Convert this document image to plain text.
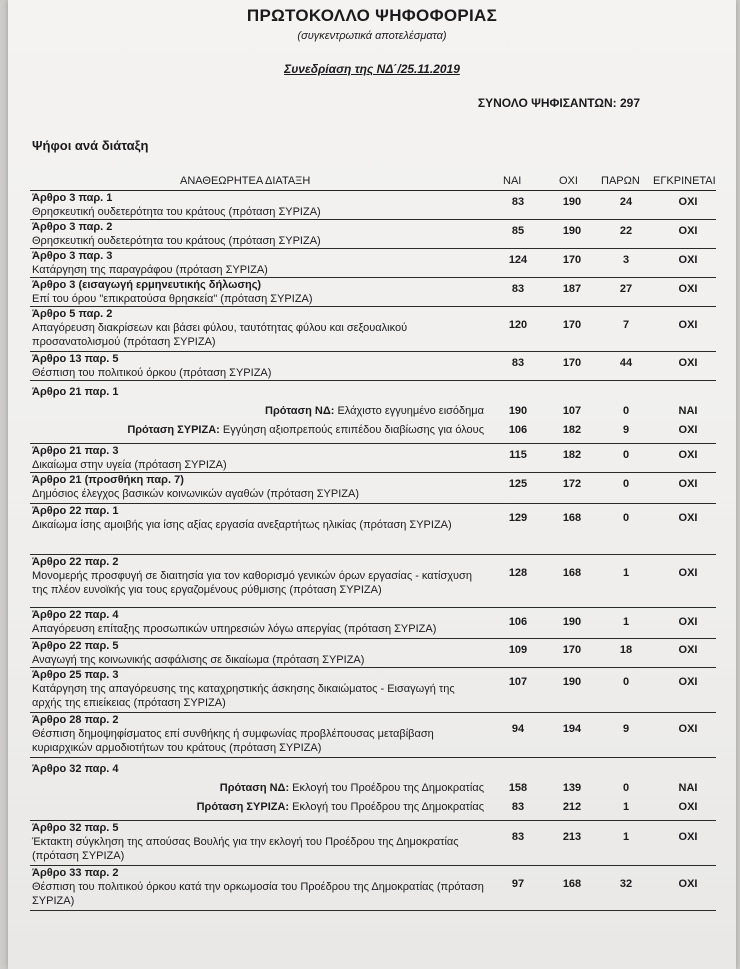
ΠΡΩΤΟΚΟΛΛΟ ΨΗΦΟΦΟΡΙΑΣ
(συγκεντρωτικά αποτελέσματα)
Συνεδρίαση της ΝΔ΄/25.11.2019
ΣΥΝΟΛΟ ΨΗΦΙΣΑΝΤΩΝ: 297
Ψήφοι ανά διάταξη
ΑΝΑΘΕΩΡΗΤΕΑ ΔΙΑΤΑΞΗ	ΝΑΙ	ΟΧΙ ΠΑΡΩΝ ΕΓΚΡΙΝΕΤΑΙ
Άρθρο 3 παρ. 1
Θρησκευτική ουδετερότητα του κράτους (πρόταση ΣΥΡΙΖΑ)
83	190	24	ΟΧΙ
Άρθρο 3 παρ. 2
Θρησκευτική ουδετερότητα του κράτους (πρόταση ΣΥΡΙΖΑ)
85	190	22	ΟΧΙ
Άρθρο 3 παρ. 3
Κατάργηση της παραγράφου (πρόταση ΣΥΡΙΖΑ)
124	170	3	ΟΧΙ
Άρθρο 3 (εισαγωγή ερμηνευτικής δήλωσης)
Επί του όρου "επικρατούσα θρησκεία" (πρόταση ΣΥΡΙΖΑ)
83	187	27	ΟΧΙ
Άρθρο 5 παρ. 2
Απαγόρευση διακρίσεων και βάσει φύλου, ταυτότητας φύλου και σεξουαλικού προσανατολισμού (πρόταση ΣΥΡΙΖΑ)
120	170	7	ΟΧΙ
Άρθρο 13 παρ. 5
Θέσπιση του πολιτικού όρκου (πρόταση ΣΥΡΙΖΑ)
83	170	44	ΟΧΙ
Άρθρο 21 παρ. 1
Πρόταση ΝΔ: Ελάχιστο εγγυημένο εισόδημα	190	107	0	ΝΑΙ
Πρόταση ΣΥΡΙΖΑ: Εγγύηση αξιοπρεπούς επιπέδου διαβίωσης για όλους	106	182	9	ΟΧΙ
Άρθρο 21 παρ. 3
Δικαίωμα στην υγεία (πρόταση ΣΥΡΙΖΑ)
115	182	0	ΟΧΙ
Άρθρο 21 (προσθήκη παρ. 7)
Δημόσιος έλεγχος βασικών κοινωνικών αγαθών (πρόταση ΣΥΡΙΖΑ)
125	172	0	ΟΧΙ
Άρθρο 22 παρ. 1
Δικαίωμα ίσης αμοιβής για ίσης αξίας εργασία ανεξαρτήτως ηλικίας (πρόταση ΣΥΡΙΖΑ)
129	168	0	ΟΧΙ
Άρθρο 22 παρ. 2
Μονομερής προσφυγή σε διαιτησία για τον καθορισμό γενικών όρων εργασίας - κατίσχυση της πλέον ευνοϊκής για τους εργαζομένους ρύθμισης (πρόταση ΣΥΡΙΖΑ)
128	168	1	ΟΧΙ
Άρθρο 22 παρ. 4
Απαγόρευση επίταξης προσωπικών υπηρεσιών λόγω απεργίας (πρόταση ΣΥΡΙΖΑ)
106	190	1	ΟΧΙ
Άρθρο 22 παρ. 5
Αναγωγή της κοινωνικής ασφάλισης σε δικαίωμα (πρόταση ΣΥΡΙΖΑ)
109	170	18	ΟΧΙ
Άρθρο 25 παρ. 3
Κατάργηση της απαγόρευσης της καταχρηστικής άσκησης δικαιώματος - Εισαγωγή της αρχής της επιείκειας (πρόταση ΣΥΡΙΖΑ)
107	190	0	ΟΧΙ
Άρθρο 28 παρ. 2
Θέσπιση δημοψηφίσματος επί συνθήκης ή συμφωνίας προβλέπουσας μεταβίβαση κυριαρχικών αρμοδιοτήτων του κράτους (πρόταση ΣΥΡΙΖΑ)
94	194	9	ΟΧΙ
Άρθρο 32 παρ. 4
Πρόταση ΝΔ: Εκλογή του Προέδρου της Δημοκρατίας	158	139	0	ΝΑΙ
Πρόταση ΣΥΡΙΖΑ: Εκλογή του Προέδρου της Δημοκρατίας	83	212	1	ΟΧΙ
Άρθρο 32 παρ. 5
Έκτακτη σύγκληση της απούσας Βουλής για την εκλογή του Προέδρου της Δημοκρατίας (πρόταση ΣΥΡΙΖΑ)
83	213	1	ΟΧΙ
Άρθρο 33 παρ. 2
Θέσπιση του πολιτικού όρκου κατά την ορκωμοσία του Προέδρου της Δημοκρατίας (πρόταση ΣΥΡΙΖΑ)
97	168	32	ΟΧΙ
